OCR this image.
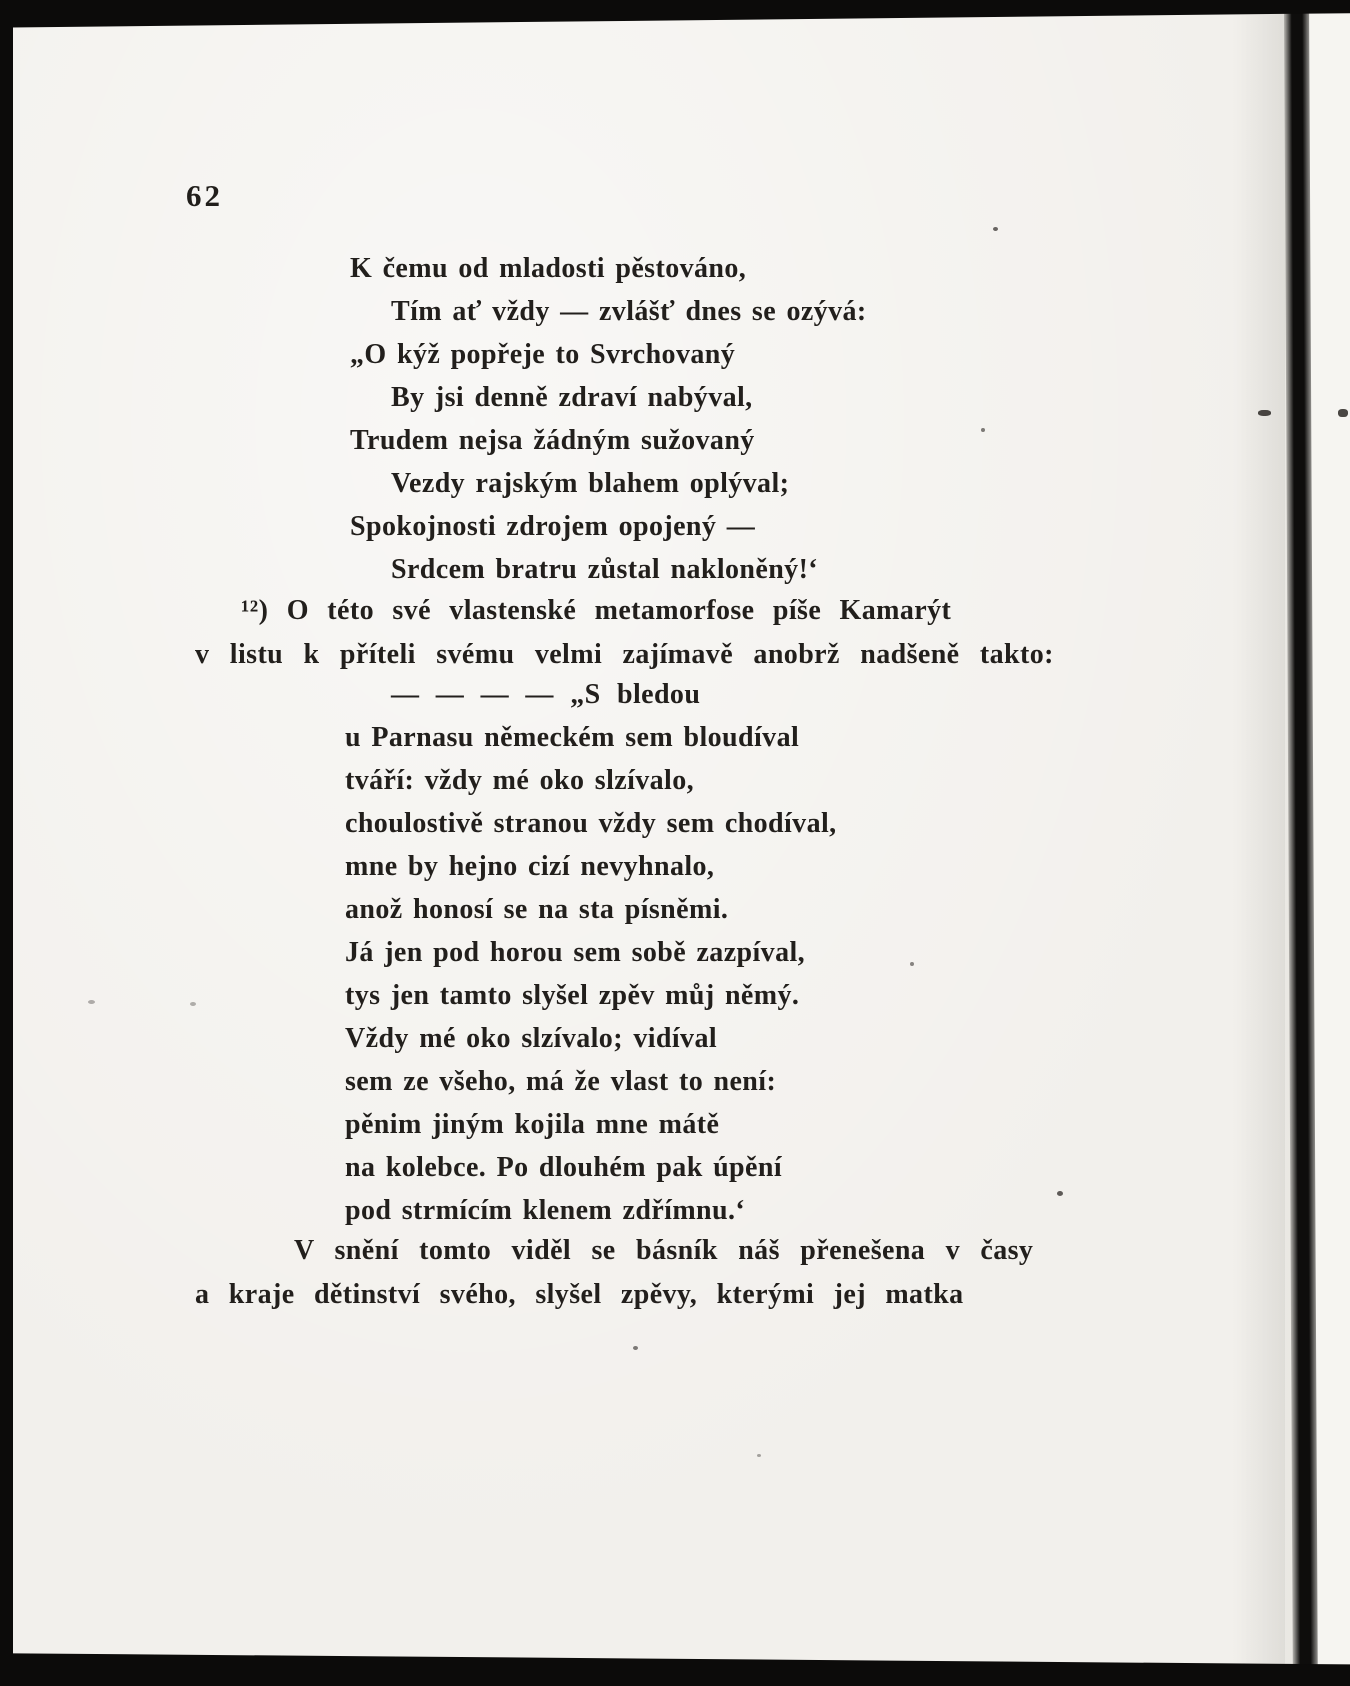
62
K čemu od mladosti pěstováno,
Tím ať vždy — zvlášť dnes se ozývá:
„O kýž popřeje to Svrchovaný
By jsi denně zdraví nabýval,
Trudem nejsa žádným sužovaný
Vezdy rajským blahem oplýval;
Spokojnosti zdrojem opojený —
Srdcem bratru zůstal nakloněný!‘
¹²) O této své vlastenské metamorfose píše Kamarýt
v listu k příteli svému velmi zajímavě anobrž nadšeně takto:
— — — — „S bledou
u Parnasu německém sem bloudíval
tváří: vždy mé oko slzívalo,
choulostivě stranou vždy sem chodíval,
mne by hejno cizí nevyhnalo,
anož honosí se na sta písněmi.
Já jen pod horou sem sobě zazpíval,
tys jen tamto slyšel zpěv můj němý.
Vždy mé oko slzívalo; vidíval
sem ze všeho, má že vlast to není:
pěnim jiným kojila mne mátě
na kolebce. Po dlouhém pak úpění
pod strmícím klenem zdřímnu.‘
V snění tomto viděl se básník náš přenešena v časy
a kraje dětinství svého, slyšel zpěvy, kterými jej matka
